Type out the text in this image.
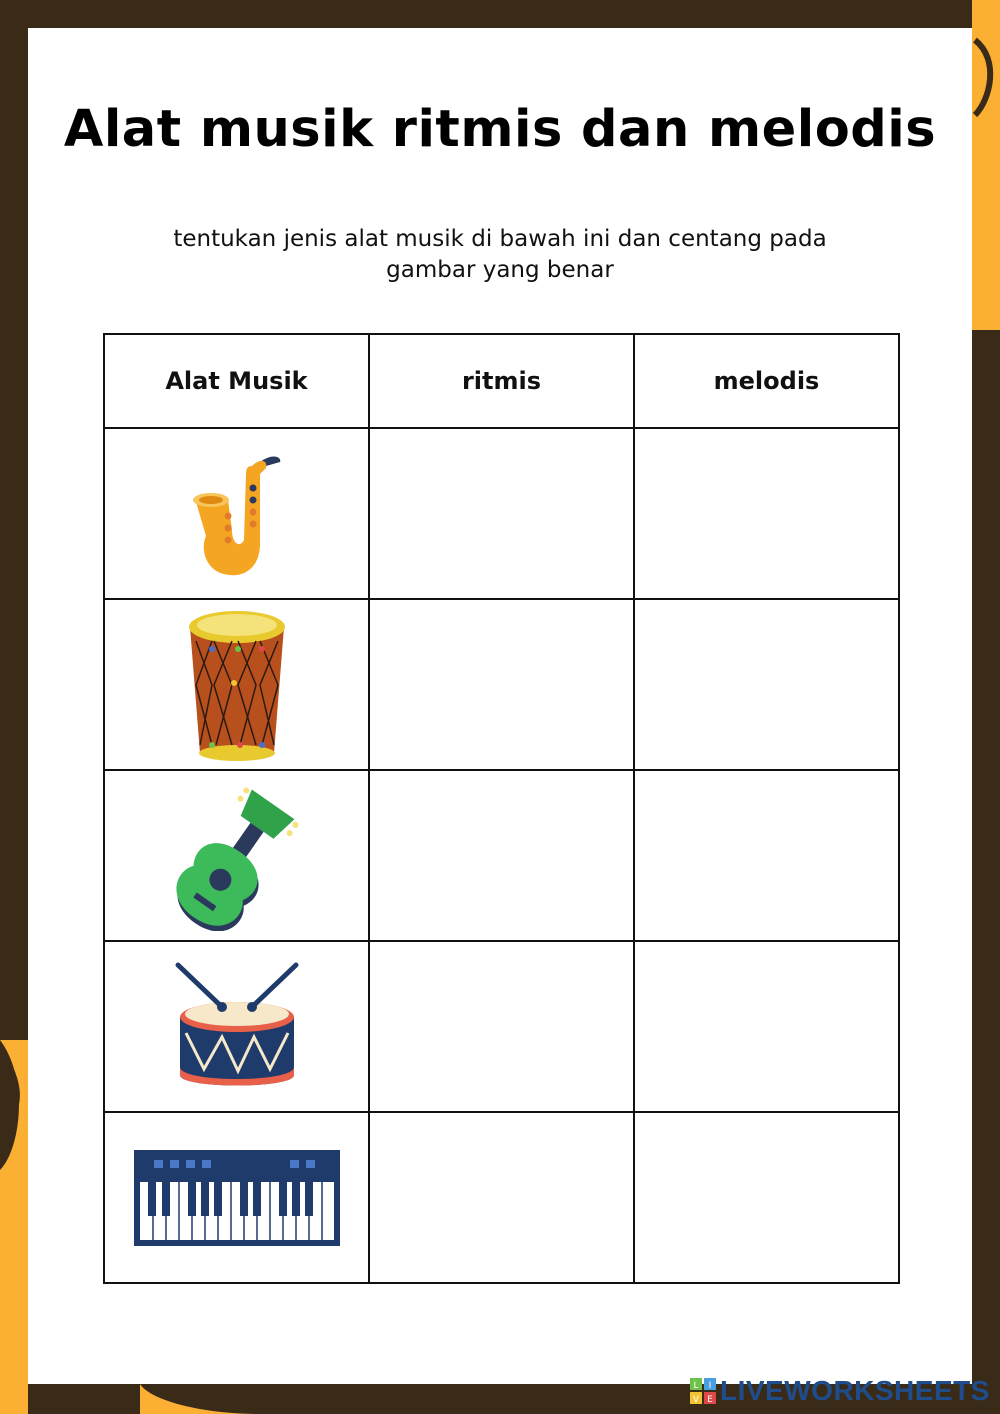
Alat musik ritmis dan melodis
tentukan jenis alat musik di bawah ini dan centang pada gambar yang benar
Alat Musik	ritmis	melodis

L I
V E LIVEWORKSHEETS
